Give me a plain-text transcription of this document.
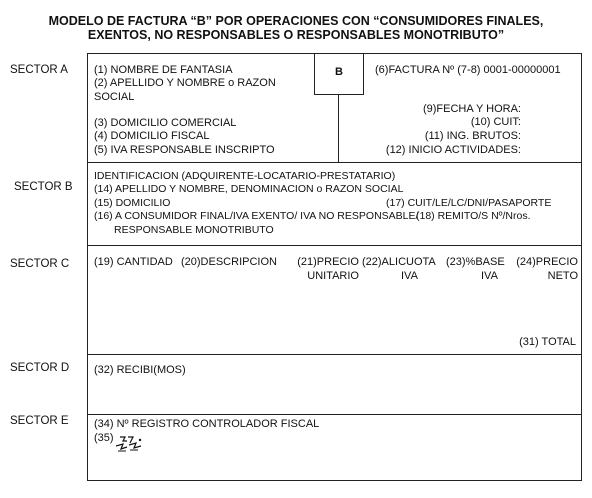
MODELO DE FACTURA “B” POR OPERACIONES CON “CONSUMIDORES FINALES,
EXENTOS, NO RESPONSABLES O RESPONSABLES MONOTRIBUTO”
SECTOR A
SECTOR B
SECTOR C
SECTOR D
SECTOR E
B
(1) NOMBRE DE FANTASIA
(2) APELLIDO Y NOMBRE o RAZON
SOCIAL
(3) DOMICILIO COMERCIAL
(4) DOMICILIO FISCAL
(5) IVA RESPONSABLE INSCRIPTO
(6)FACTURA Nº (7-8) 0001-00000001
(9)FECHA Y HORA:
(10) CUIT:
(11) ING. BRUTOS:
(12) INICIO ACTIVIDADES:
IDENTIFICACION (ADQUIRENTE-LOCATARIO-PRESTATARIO)
(14) APELLIDO Y NOMBRE, DENOMINACION o RAZON SOCIAL
(15) DOMICILIO	(17) CUIT/LE/LC/DNI/PASAPORTE
(16) A CONSUMIDOR FINAL/IVA EXENTO/ IVA NO RESPONSABLE/
RESPONSABLE MONOTRIBUTO
(18) REMITO/S Nº/Nros.
(19) CANTIDAD (20)DESCRIPCION (21)PRECIO
UNITARIO
(22)ALICUOTA
IVA
(23)%BASE
IVA
(24)PRECIO
NETO
(31) TOTAL
(32) RECIBI(MOS)
(34) Nº REGISTRO CONTROLADOR FISCAL
(35)
